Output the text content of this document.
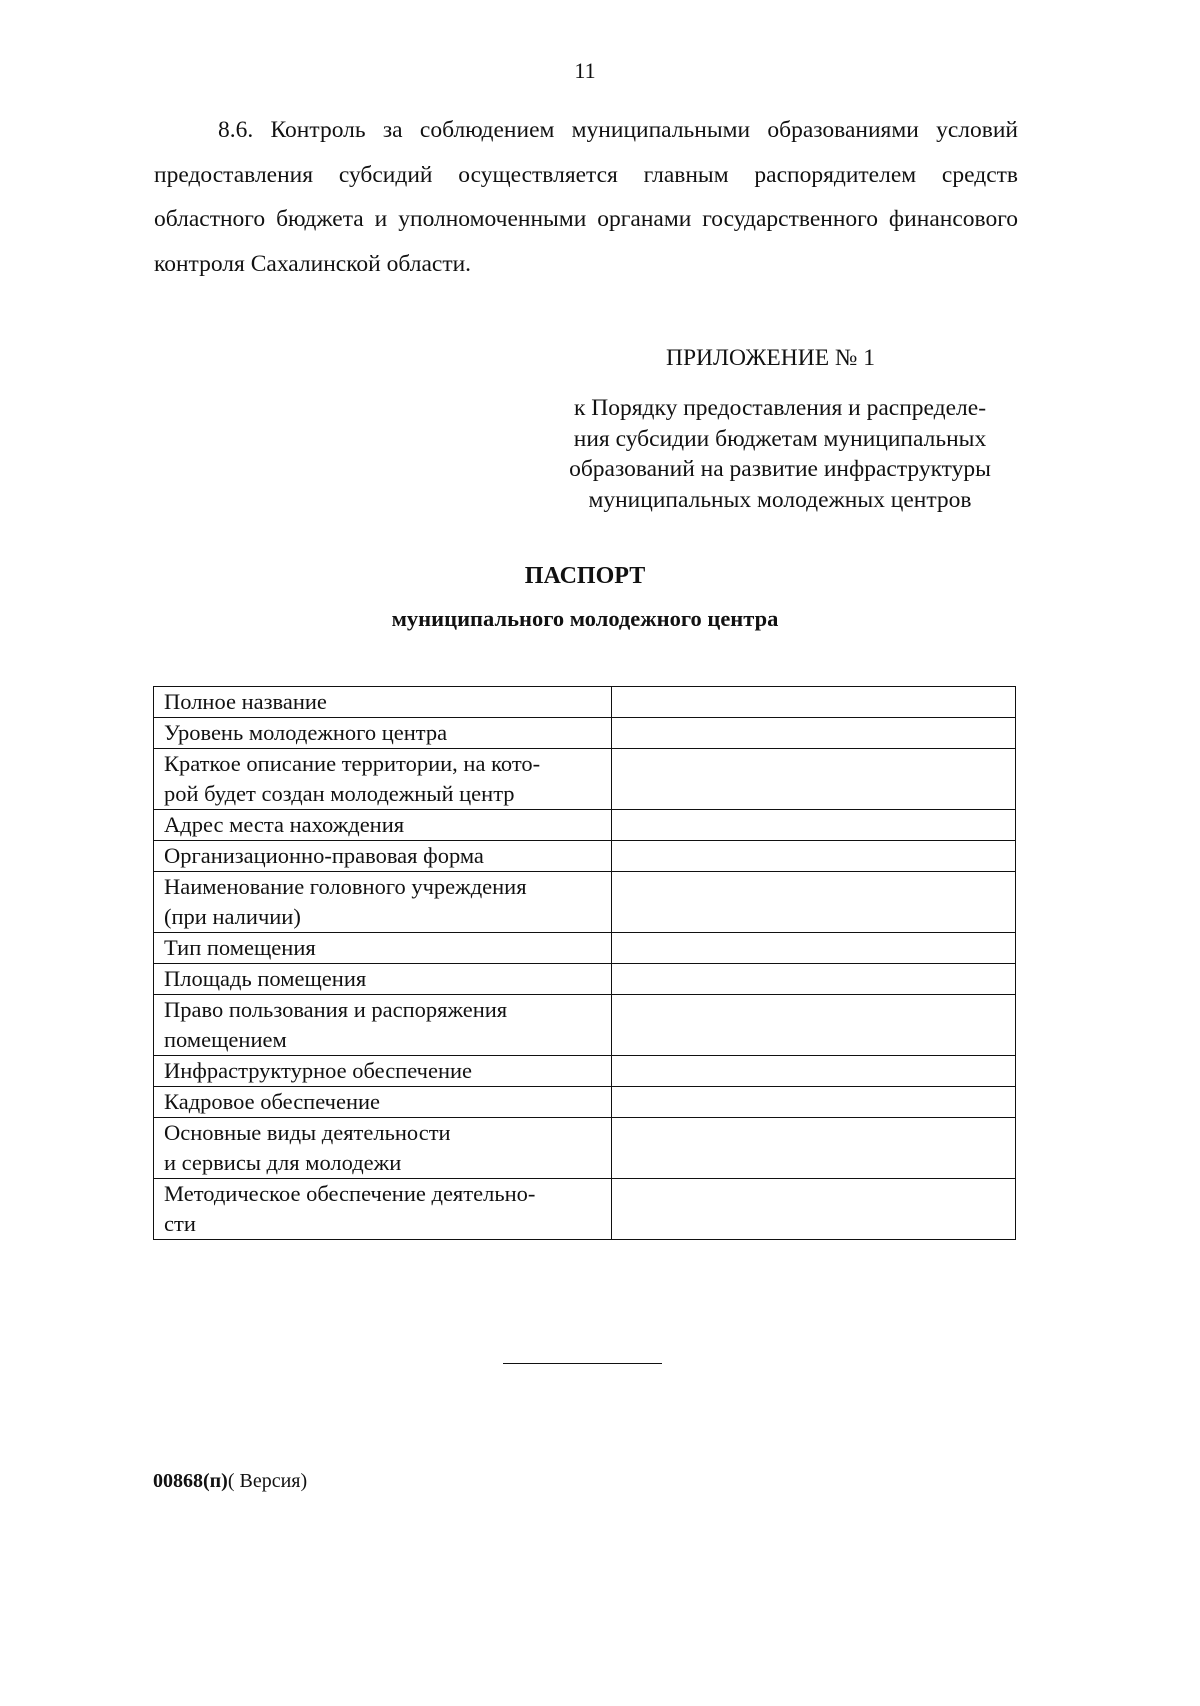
11

8.6. Контроль за соблюдением муниципальными образованиями условий предоставления субсидий осуществляется главным распорядителем средств областного бюджета и уполномоченными органами государственного финансового контроля Сахалинской области.

ПРИЛОЖЕНИЕ № 1
к Порядку предоставления и распределе-
ния субсидии бюджетам муниципальных
образований на развитие инфраструктуры
муниципальных молодежных центров
ПАСПОРТ
муниципального молодежного центра
Полное название	

Уровень молодежного центра	

Краткое описание территории, на кото-
рой будет создан молодежный центр	

Адрес места нахождения	

Организационно-правовая форма	

Наименование головного учреждения
(при наличии)	

Тип помещения	

Площадь помещения	

Право пользования и распоряжения
помещением	

Инфраструктурное обеспечение	

Кадровое обеспечение	

Основные виды деятельности
и сервисы для молодежи	

Методическое обеспечение деятельно-
сти	

00868(п)( Версия)
